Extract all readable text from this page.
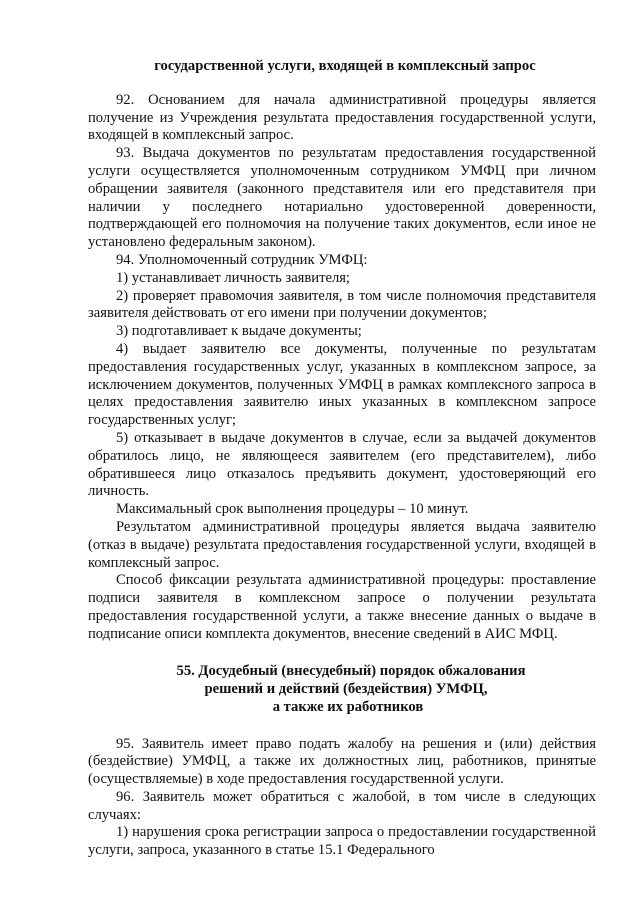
государственной услуги, входящей в комплексный запрос

92. Основанием для начала административной процедуры является получение из Учреждения результата предоставления государственной услуги, входящей в комплексный запрос.

93. Выдача документов по результатам предоставления государственной услуги осуществляется уполномоченным сотрудником УМФЦ при личном обращении заявителя (законного представителя или его представителя при наличии у последнего нотариально удостоверенной доверенности, подтверждающей его полномочия на получение таких документов, если иное не установлено федеральным законом).

94. Уполномоченный сотрудник УМФЦ:

1) устанавливает личность заявителя;

2) проверяет правомочия заявителя, в том числе полномочия представителя заявителя действовать от его имени при получении документов;

3) подготавливает к выдаче документы;

4) выдает заявителю все документы, полученные по результатам предоставления государственных услуг, указанных в комплексном запросе, за исключением документов, полученных УМФЦ в рамках комплексного запроса в целях предоставления заявителю иных указанных в комплексном запросе государственных услуг;

5) отказывает в выдаче документов в случае, если за выдачей документов обратилось лицо, не являющееся заявителем (его представителем), либо обратившееся лицо отказалось предъявить документ, удостоверяющий его личность.

Максимальный срок выполнения процедуры – 10 минут.

Результатом административной процедуры является выдача заявителю (отказ в выдаче) результата предоставления государственной услуги, входящей в комплексный запрос.

Способ фиксации результата административной процедуры: проставление подписи заявителя в комплексном запросе о получении результата предоставления государственной услуги, а также внесение данных о выдаче в подписание описи комплекта документов, внесение сведений в АИС МФЦ.

55. Досудебный (внесудебный) порядок обжалования
решений и действий (бездействия) УМФЦ,
а также их работников

95. Заявитель имеет право подать жалобу на решения и (или) действия (бездействие) УМФЦ, а также их должностных лиц, работников, принятые (осуществляемые) в ходе предоставления государственной услуги.

96. Заявитель может обратиться с жалобой, в том числе в следующих случаях:

1) нарушения срока регистрации запроса о предоставлении государственной услуги, запроса, указанного в статье 15.1 Федерального
